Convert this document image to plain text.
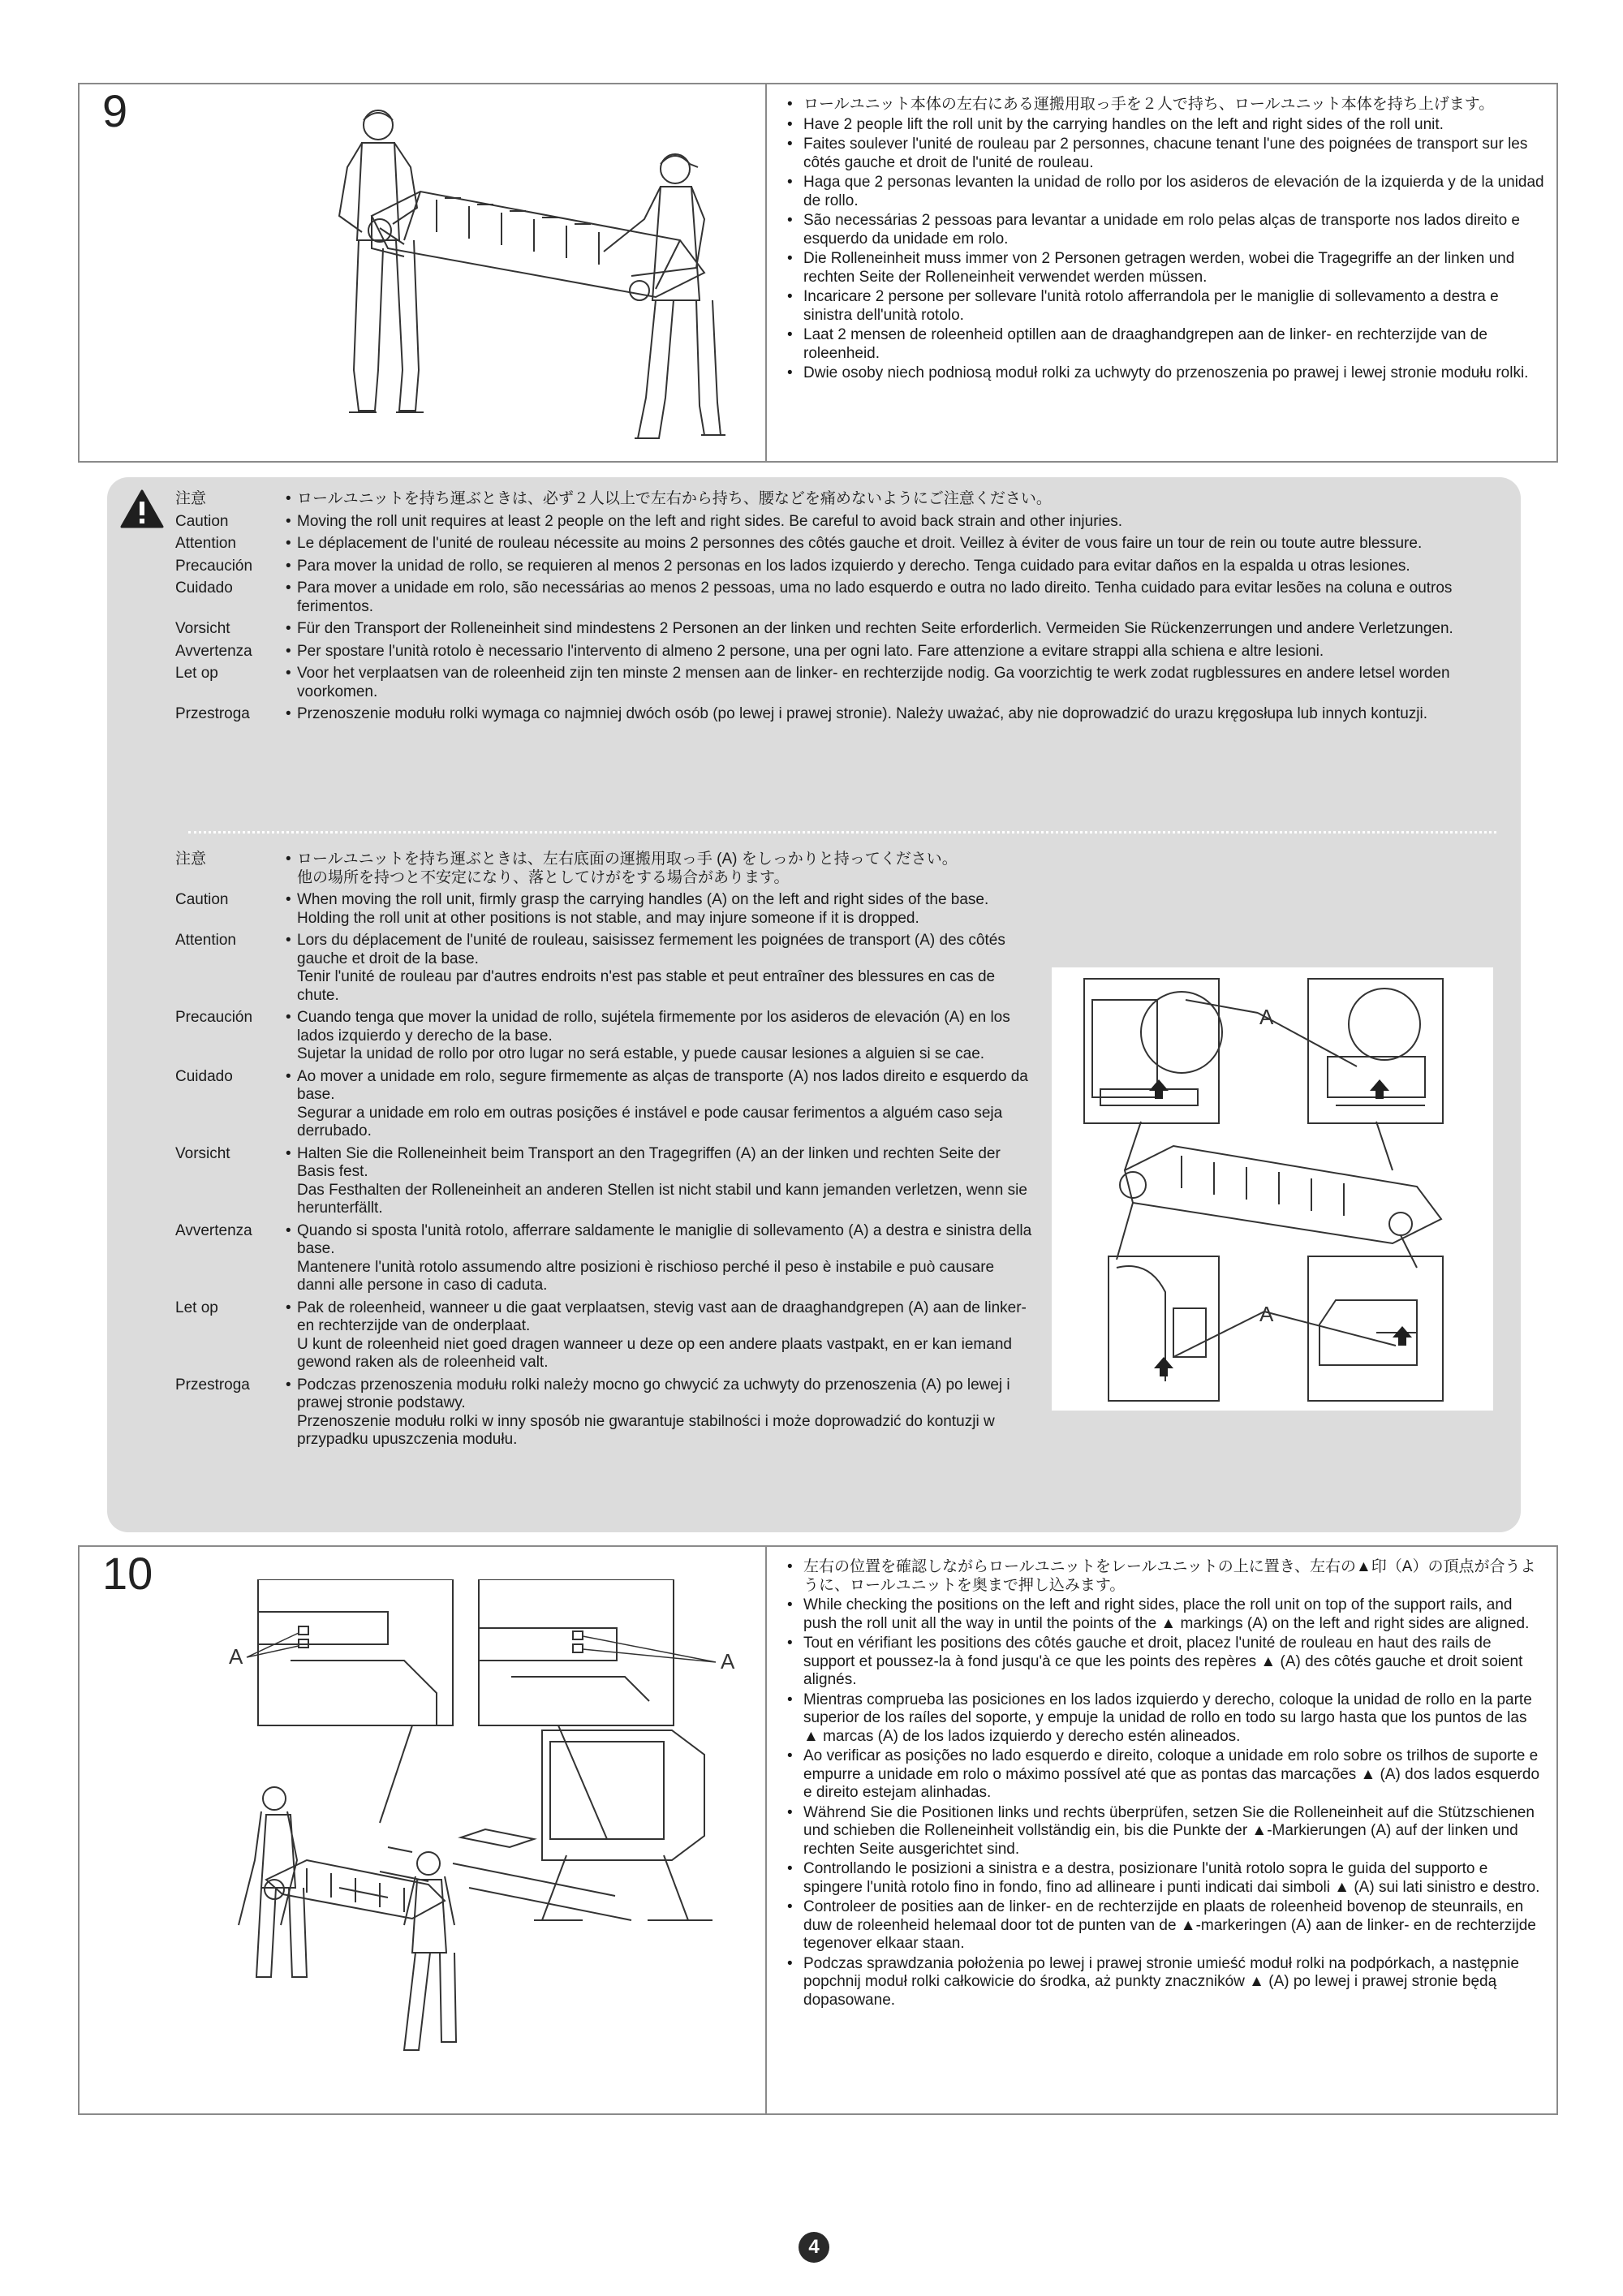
9	• ロールユニット本体の左右にある運搬用取っ手を２人で持ち、ロールユニット本体を持ち上げます。
• Have 2 people lift the roll unit by the carrying handles on the left and right sides of the roll unit.
• Faites soulever l'unité de rouleau par 2 personnes, chacune tenant l'une des poignées de transport sur les côtés gauche et droit de l'unité de rouleau.
• Haga que 2 personas levanten la unidad de rollo por los asideros de elevación de la izquierda y de la unidad de rollo.
• São necessárias 2 pessoas para levantar a unidade em rolo pelas alças de transporte nos lados direito e esquerdo da unidade em rolo.
• Die Rolleneinheit muss immer von 2 Personen getragen werden, wobei die Tragegriffe an der linken und rechten Seite der Rolleneinheit verwendet werden müssen.
• Incaricare 2 persone per sollevare l'unità rotolo afferrandola per le maniglie di sollevamento a destra e sinistra dell'unità rotolo.
• Laat 2 mensen de roleenheid optillen aan de draaghandgrepen aan de linker- en rechterzijde van de roleenheid.
• Dwie osoby niech podniosą moduł rolki za uchwyty do przenoszenia po prawej i lewej stronie modułu rolki.
注意	• ロールユニットを持ち運ぶときは、必ず２人以上で左右から持ち、腰などを痛めないようにご注意ください。
Caution	• Moving the roll unit requires at least 2 people on the left and right sides. Be careful to avoid back strain and other injuries.
Attention	• Le déplacement de l'unité de rouleau nécessite au moins 2 personnes des côtés gauche et droit. Veillez à éviter de vous faire un tour de rein ou toute autre blessure.
Precaución	• Para mover la unidad de rollo, se requieren al menos 2 personas en los lados izquierdo y derecho. Tenga cuidado para evitar daños en la espalda u otras lesiones.
Cuidado	• Para mover a unidade em rolo, são necessárias ao menos 2 pessoas, uma no lado esquerdo e outra no lado direito. Tenha cuidado para evitar lesões na coluna e outros ferimentos.
Vorsicht	• Für den Transport der Rolleneinheit sind mindestens 2 Personen an der linken und rechten Seite erforderlich. Vermeiden Sie Rückenzerrungen und andere Verletzungen.
Avvertenza	• Per spostare l'unità rotolo è necessario l'intervento di almeno 2 persone, una per ogni lato. Fare attenzione a evitare strappi alla schiena e altre lesioni.
Let op	• Voor het verplaatsen van de roleenheid zijn ten minste 2 mensen aan de linker- en rechterzijde nodig. Ga voorzichtig te werk zodat rugblessures en andere letsel worden voorkomen.
Przestroga	• Przenoszenie modułu rolki wymaga co najmniej dwóch osób (po lewej i prawej stronie). Należy uważać, aby nie doprowadzić do urazu kręgosłupa lub innych kontuzji.
注意	• ロールユニットを持ち運ぶときは、左右底面の運搬用取っ手 (A) をしっかりと持ってください。
他の場所を持つと不安定になり、落としてけがをする場合があります。
Caution	• When moving the roll unit, firmly grasp the carrying handles (A) on the left and right sides of the base.
Holding the roll unit at other positions is not stable, and may injure someone if it is dropped.
Attention	• Lors du déplacement de l'unité de rouleau, saisissez fermement les poignées de transport (A) des côtés gauche et droit de la base.
Tenir l'unité de rouleau par d'autres endroits n'est pas stable et peut entraîner des blessures en cas de chute.
Precaución	• Cuando tenga que mover la unidad de rollo, sujétela firmemente por los asideros de elevación (A) en los lados izquierdo y derecho de la base.
Sujetar la unidad de rollo por otro lugar no será estable, y puede causar lesiones a alguien si se cae.
Cuidado	• Ao mover a unidade em rolo, segure firmemente as alças de transporte (A) nos lados direito e esquerdo da base.
Segurar a unidade em rolo em outras posições é instável e pode causar ferimentos a alguém caso seja derrubado.
Vorsicht	• Halten Sie die Rolleneinheit beim Transport an den Tragegriffen (A) an der linken und rechten Seite der Basis fest.
Das Festhalten der Rolleneinheit an anderen Stellen ist nicht stabil und kann jemanden verletzen, wenn sie herunterfällt.
Avvertenza	• Quando si sposta l'unità rotolo, afferrare saldamente le maniglie di sollevamento (A) a destra e sinistra della base.
Mantenere l'unità rotolo assumendo altre posizioni è rischioso perché il peso è instabile e può causare danni alle persone in caso di caduta.
Let op	• Pak de roleenheid, wanneer u die gaat verplaatsen, stevig vast aan de draaghandgrepen (A) aan de linker- en rechterzijde van de onderplaat.
U kunt de roleenheid niet goed dragen wanneer u deze op een andere plaats vastpakt, en er kan iemand gewond raken als de roleenheid valt.
Przestroga	• Podczas przenoszenia modułu rolki należy mocno go chwycić za uchwyty do przenoszenia (A) po lewej i prawej stronie podstawy.
Przenoszenie modułu rolki w inny sposób nie gwarantuje stabilności i może doprowadzić do kontuzji w przypadku upuszczenia modułu.
A
A
10
A	A
• 左右の位置を確認しながらロールユニットをレールユニットの上に置き、左右の▲印（A）の頂点が合うように、ロールユニットを奥まで押し込みます。
• While checking the positions on the left and right sides, place the roll unit on top of the support rails, and push the roll unit all the way in until the points of the ▲ markings (A) on the left and right sides are aligned.
• Tout en vérifiant les positions des côtés gauche et droit, placez l'unité de rouleau en haut des rails de support et poussez-la à fond jusqu'à ce que les points des repères ▲ (A) des côtés gauche et droit soient alignés.
• Mientras comprueba las posiciones en los lados izquierdo y derecho, coloque la unidad de rollo en la parte superior de los raíles del soporte, y empuje la unidad de rollo en todo su largo hasta que los puntos de las ▲ marcas (A) de los lados izquierdo y derecho estén alineados.
• Ao verificar as posições no lado esquerdo e direito, coloque a unidade em rolo sobre os trilhos de suporte e empurre a unidade em rolo o máximo possível até que as pontas das marcações ▲ (A) dos lados esquerdo e direito estejam alinhadas.
• Während Sie die Positionen links und rechts überprüfen, setzen Sie die Rolleneinheit auf die Stützschienen und schieben die Rolleneinheit vollständig ein, bis die Punkte der ▲-Markierungen (A) auf der linken und rechten Seite ausgerichtet sind.
• Controllando le posizioni a sinistra e a destra, posizionare l'unità rotolo sopra le guida del supporto e spingere l'unità rotolo fino in fondo, fino ad allineare i punti indicati dai simboli ▲ (A) sui lati sinistro e destro.
• Controleer de posities aan de linker- en de rechterzijde en plaats de roleenheid bovenop de steunrails, en duw de roleenheid helemaal door tot de punten van de ▲-markeringen (A) aan de linker- en de rechterzijde tegenover elkaar staan.
• Podczas sprawdzania położenia po lewej i prawej stronie umieść moduł rolki na podpórkach, a następnie popchnij moduł rolki całkowicie do środka, aż punkty znaczników ▲ (A) po lewej i prawej stronie będą dopasowane.
4
